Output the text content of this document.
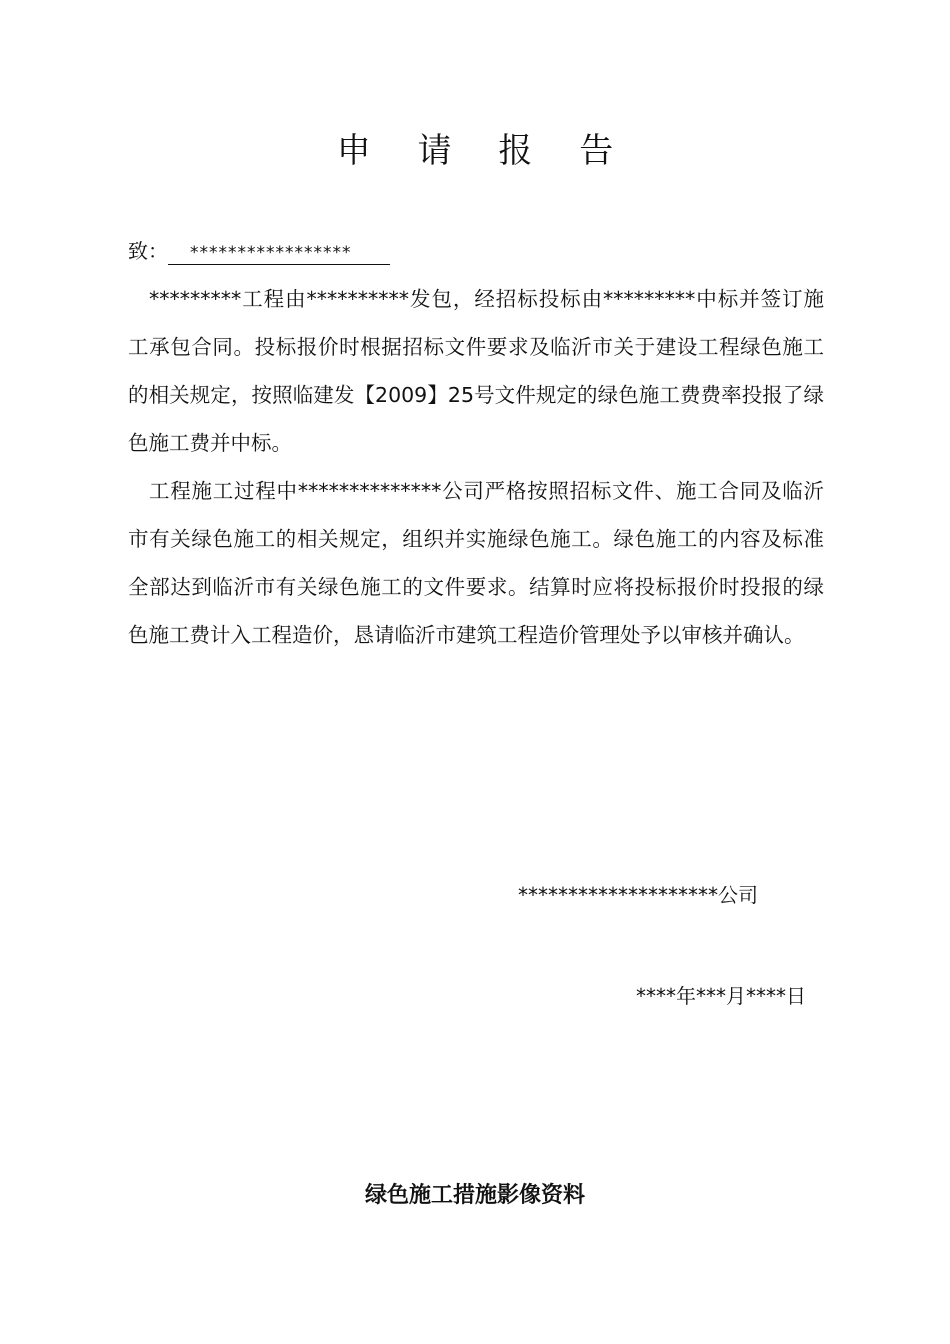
申 请 报 告
致： *****************

*********工程由**********发包，经招标投标由*********中标并签订施工承包合同。投标报价时根据招标文件要求及临沂市关于建设工程绿色施工的相关规定，按照临建发【2009】25号文件规定的绿色施工费费率投报了绿色施工费并中标。

工程施工过程中**************公司严格按照招标文件、施工合同及临沂市有关绿色施工的相关规定，组织并实施绿色施工。绿色施工的内容及标准全部达到临沂市有关绿色施工的文件要求。结算时应将投标报价时投报的绿色施工费计入工程造价，恳请临沂市建筑工程造价管理处予以审核并确认。

********************公司
****年***月****日
绿色施工措施影像资料
